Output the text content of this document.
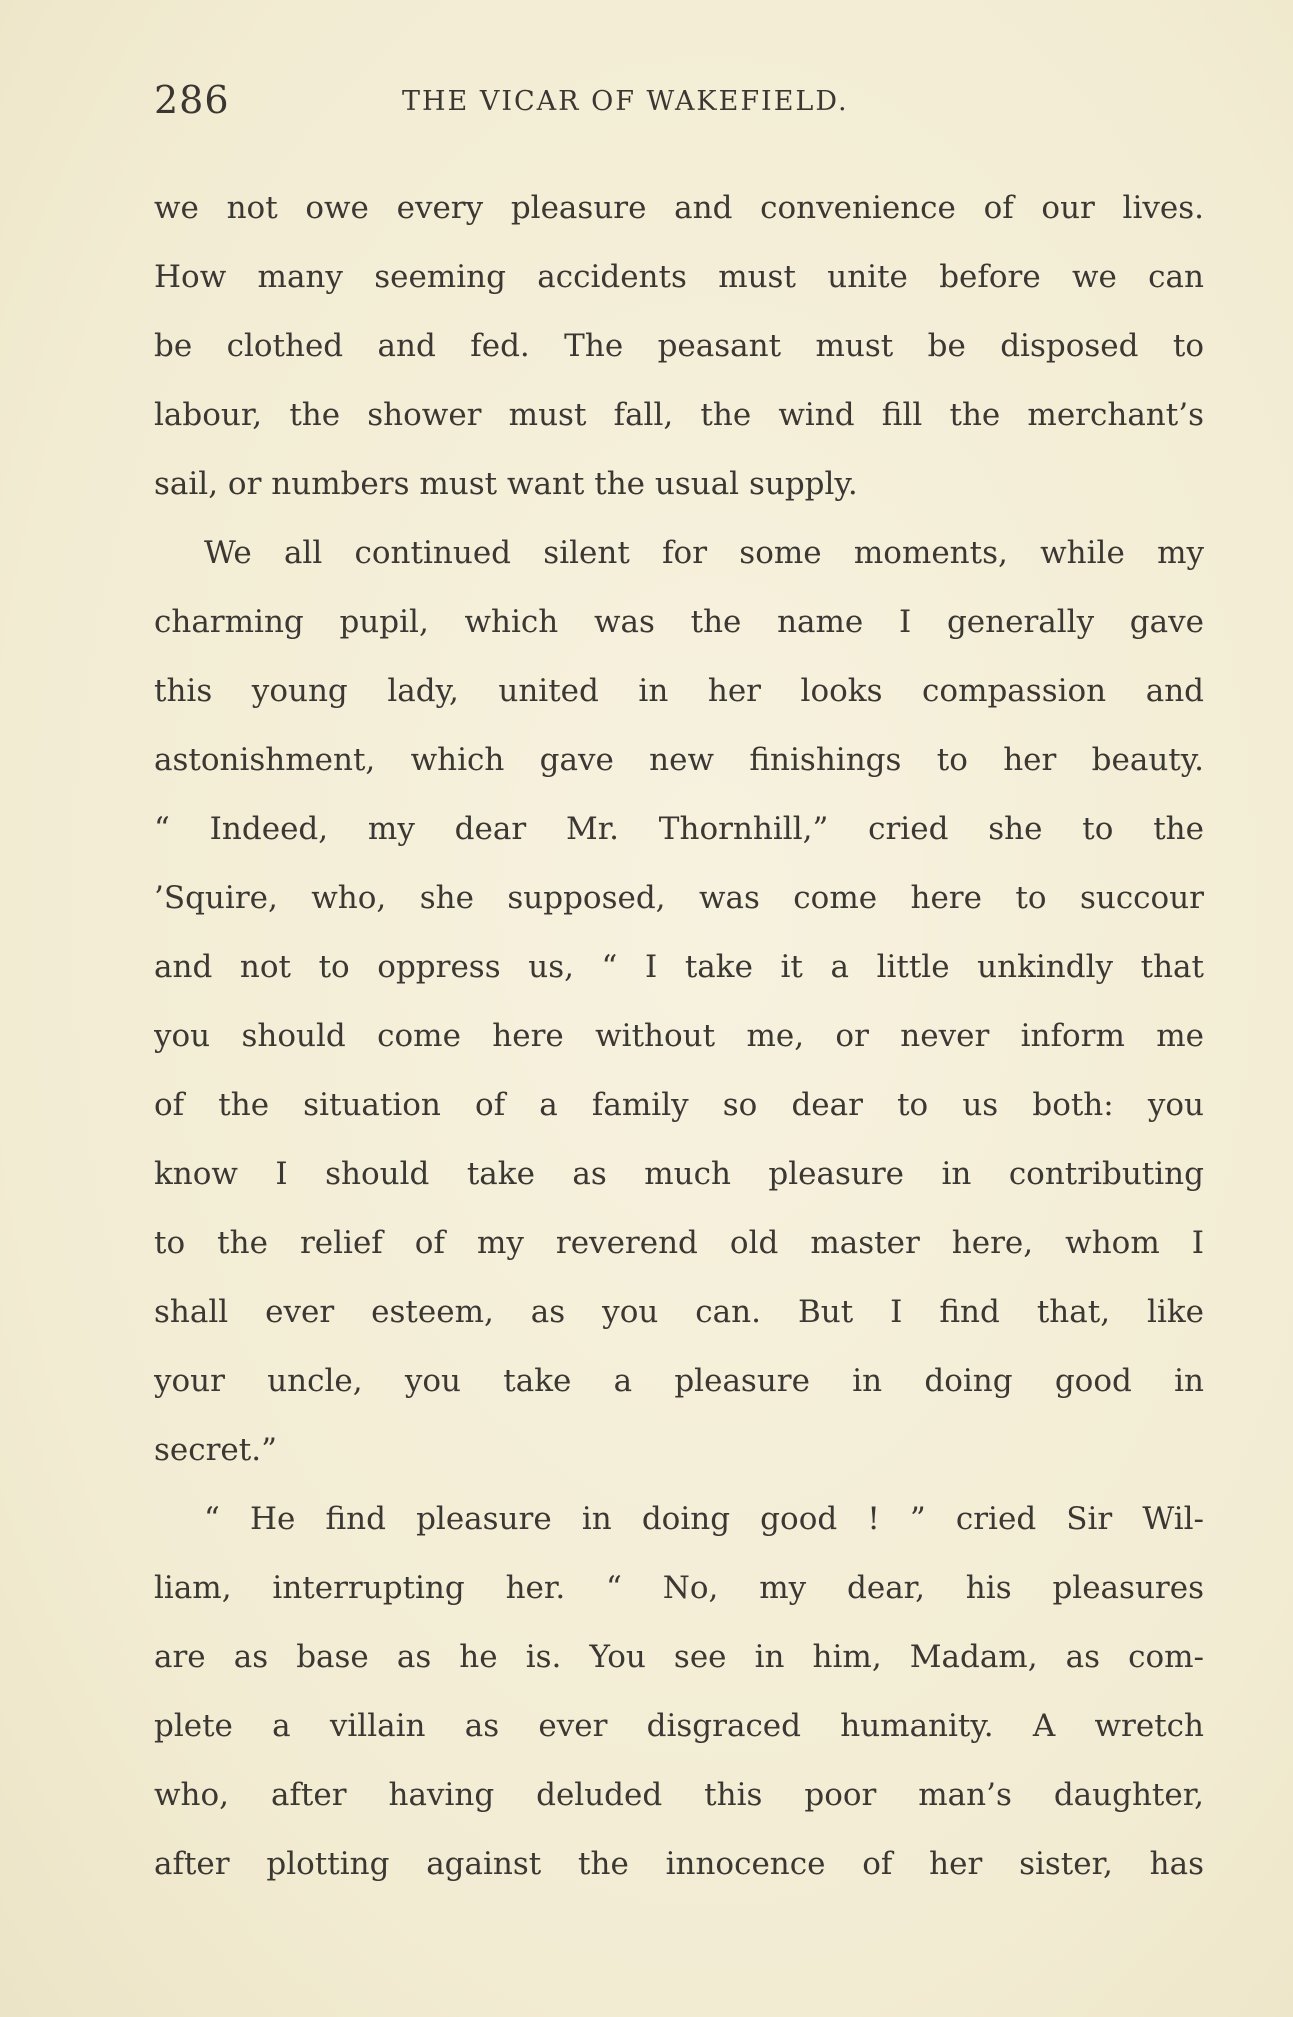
286	THE VICAR OF WAKEFIELD.
we not owe every pleasure and convenience of our lives.
How many seeming accidents must unite before we can
be clothed and fed. The peasant must be disposed to
labour, the shower must fall, the wind fill the merchant’s
sail, or numbers must want the usual supply.
We all continued silent for some moments, while my
charming pupil, which was the name I generally gave
this young lady, united in her looks compassion and
astonishment, which gave new finishings to her beauty.
“ Indeed, my dear Mr. Thornhill,” cried she to the
’Squire, who, she supposed, was come here to succour
and not to oppress us, “ I take it a little unkindly that
you should come here without me, or never inform me
of the situation of a family so dear to us both: you
know I should take as much pleasure in contributing
to the relief of my reverend old master here, whom I
shall ever esteem, as you can. But I find that, like
your uncle, you take a pleasure in doing good in
secret.”
“ He find pleasure in doing good ! ” cried Sir Wil-
liam, interrupting her. “ No, my dear, his pleasures
are as base as he is. You see in him, Madam, as com-
plete a villain as ever disgraced humanity. A wretch
who, after having deluded this poor man’s daughter,
after plotting against the innocence of her sister, has
